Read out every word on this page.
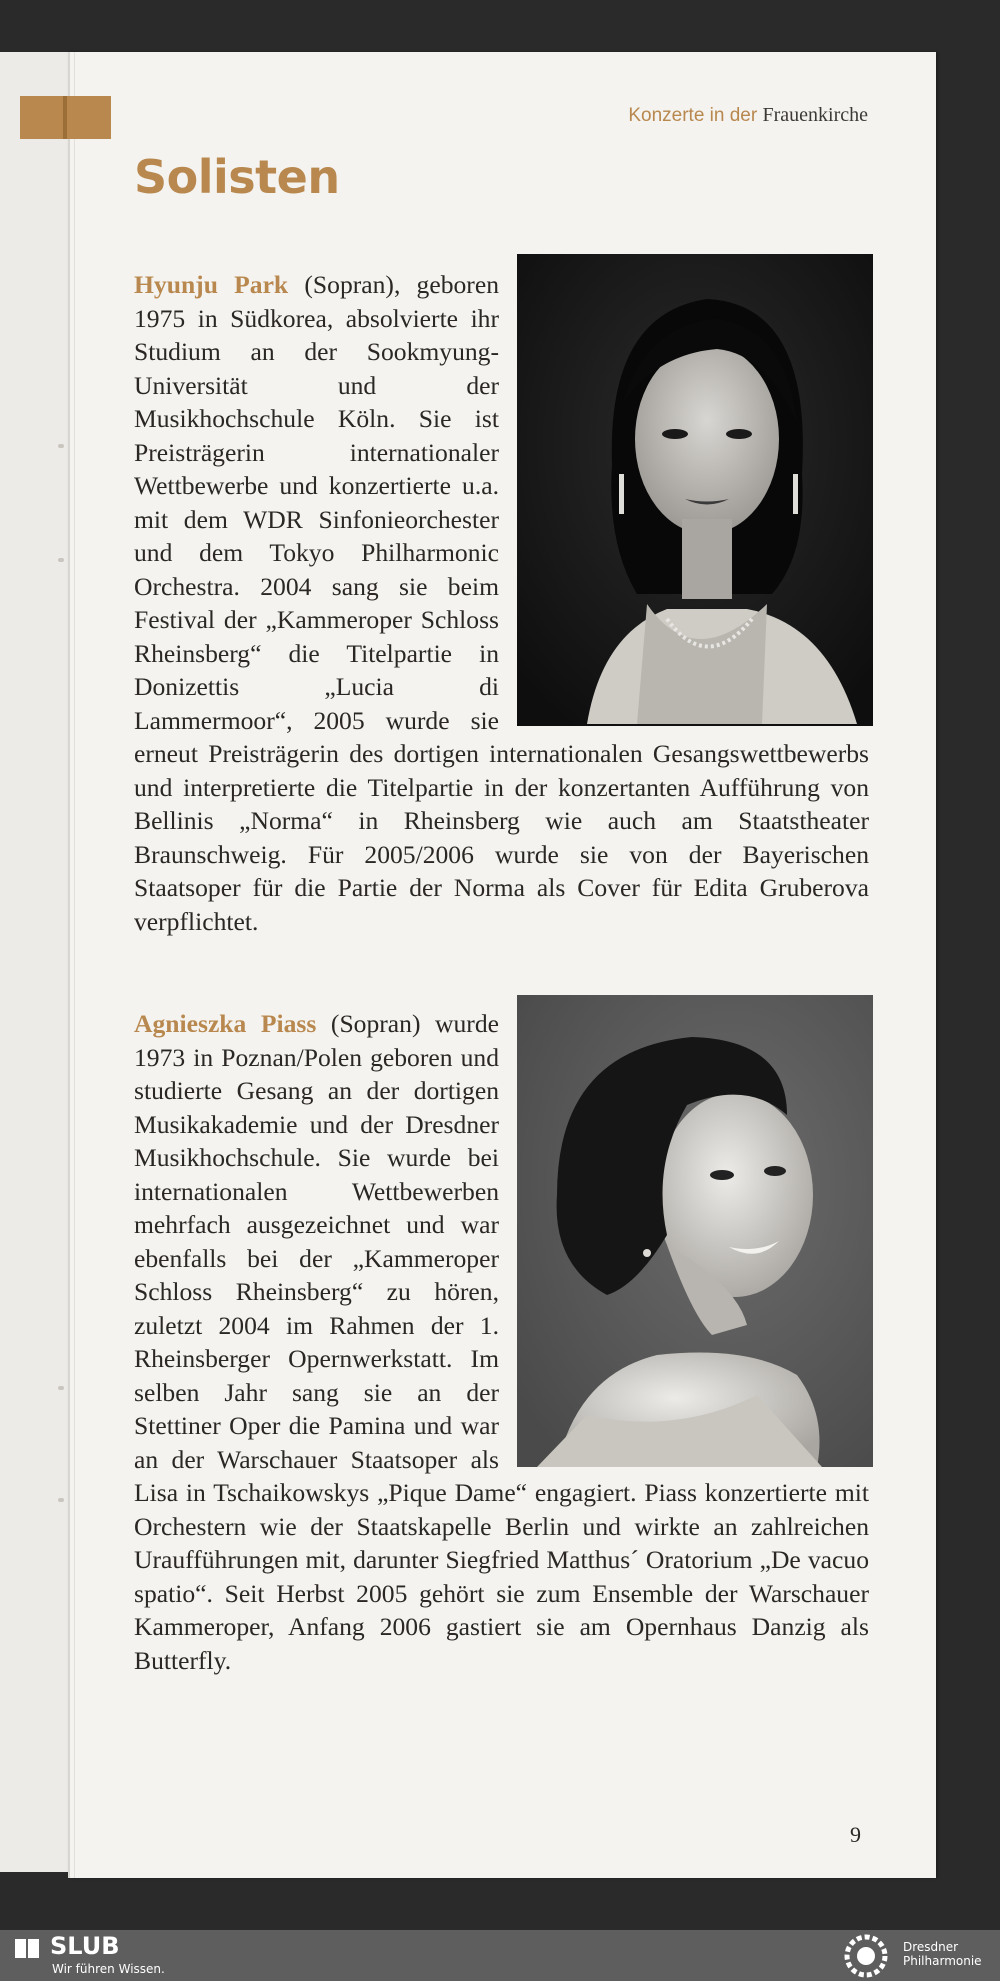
Konzerte in der Frauenkirche
Solisten
Hyunju Park (Sopran), geboren 1975 in Südkorea, absolvierte ihr Studium an der Sookmyung-Universität und der Musikhochschule Köln. Sie ist Preisträgerin internationaler Wettbewerbe und konzertierte u.a. mit dem WDR Sinfonieorchester und dem Tokyo Philharmonic Orchestra. 2004 sang sie beim Festival der „Kammeroper Schloss Rheinsberg“ die Titelpartie in Donizettis „Lucia di Lammermoor“, 2005 wurde sie erneut Preisträgerin des dortigen internationalen Gesangswettbewerbs und interpretierte die Titelpartie in der konzertanten Aufführung von Bellinis „Norma“ in Rheinsberg wie auch am Staatstheater Braunschweig. Für 2005/2006 wurde sie von der Bayerischen Staatsoper für die Partie der Norma als Cover für Edita Gruberova verpflichtet.
Agnieszka Piass (Sopran) wurde 1973 in Poznan/Polen geboren und studierte Gesang an der dortigen Musikakademie und der Dresdner Musikhochschule. Sie wurde bei internationalen Wettbewerben mehrfach ausgezeichnet und war ebenfalls bei der „Kammeroper Schloss Rheinsberg“ zu hören, zuletzt 2004 im Rahmen der 1. Rheinsberger Opernwerkstatt. Im selben Jahr sang sie an der Stettiner Oper die Pamina und war an der Warschauer Staatsoper als Lisa in Tschaikowskys „Pique Dame“ engagiert. Piass konzertierte mit Orchestern wie der Staatskapelle Berlin und wirkte an zahlreichen Uraufführungen mit, darunter Siegfried Matthus´ Oratorium „De vacuo spatio“. Seit Herbst 2005 gehört sie zum Ensemble der Warschauer Kammeroper, Anfang 2006 gastiert sie am Opernhaus Danzig als Butterfly.
9
SLUB
Wir führen Wissen.
Dresdner
Philharmonie
